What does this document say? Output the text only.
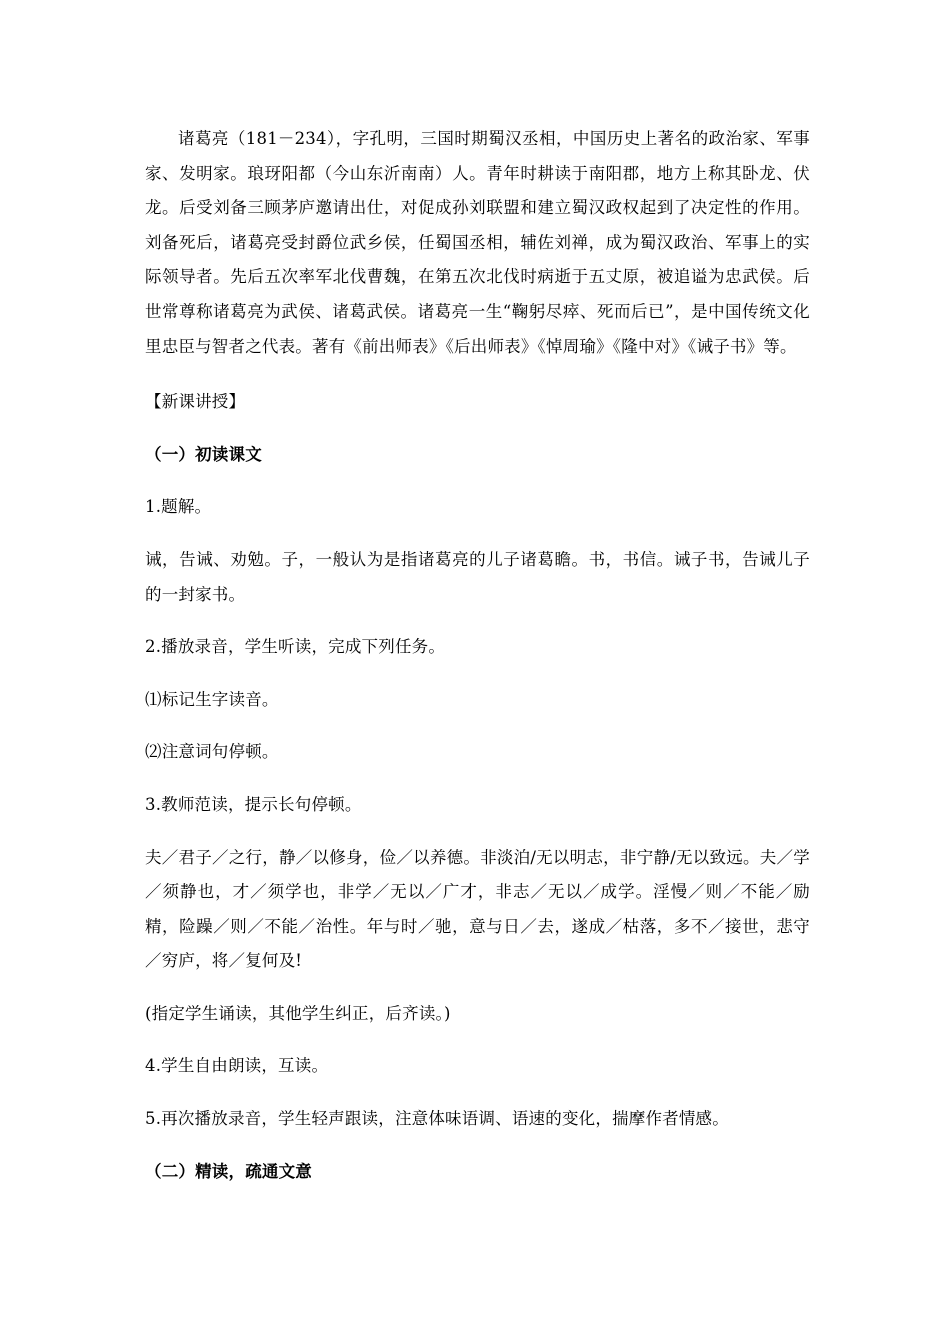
诸葛亮（181－234），字孔明，三国时期蜀汉丞相，中国历史上著名的政治家、军事家、发明家。琅玡阳都（今山东沂南南）人。青年时耕读于南阳郡，地方上称其卧龙、伏龙。后受刘备三顾茅庐邀请出仕，对促成孙刘联盟和建立蜀汉政权起到了决定性的作用。刘备死后，诸葛亮受封爵位武乡侯，任蜀国丞相，辅佐刘禅，成为蜀汉政治、军事上的实际领导者。先后五次率军北伐曹魏，在第五次北伐时病逝于五丈原，被追谥为忠武侯。后世常尊称诸葛亮为武侯、诸葛武侯。诸葛亮一生“鞠躬尽瘁、死而后已”，是中国传统文化里忠臣与智者之代表。著有《前出师表》《后出师表》《悼周瑜》《隆中对》《诫子书》等。

【新课讲授】

（一）初读课文

1.题解。

诫，告诫、劝勉。子，一般认为是指诸葛亮的儿子诸葛瞻。书，书信。诫子书，告诫儿子的一封家书。

2.播放录音，学生听读，完成下列任务。

⑴标记生字读音。

⑵注意词句停顿。

3.教师范读，提示长句停顿。

夫／君子／之行，静／以修身，俭／以养德。非淡泊/无以明志，非宁静/无以致远。夫／学／须静也，才／须学也，非学／无以／广才，非志／无以／成学。淫慢／则／不能／励精，险躁／则／不能／治性。年与时／驰，意与日／去，遂成／枯落，多不／接世，悲守／穷庐，将／复何及!

(指定学生诵读，其他学生纠正，后齐读。)

4.学生自由朗读，互读。

5.再次播放录音，学生轻声跟读，注意体味语调、语速的变化，揣摩作者情感。

（二）精读，疏通文意
